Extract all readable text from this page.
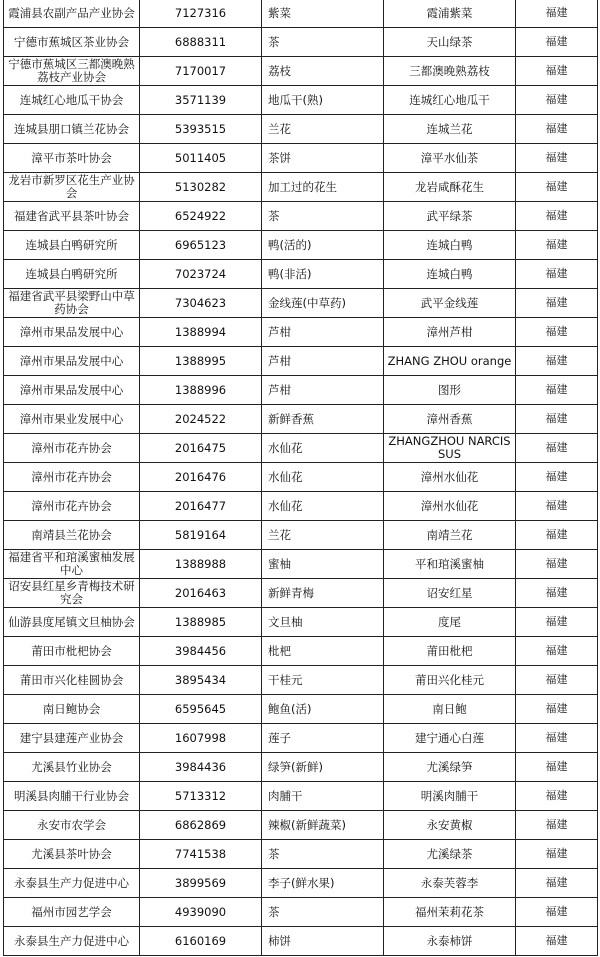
霞浦县农副产品产业协会	7127316	紫菜	霞浦紫菜	福建
宁德市蕉城区茶业协会	6888311	茶	天山绿茶	福建
宁德市蕉城区三都澳晚熟荔枝产业协会	7170017	荔枝	三都澳晚熟荔枝	福建
连城红心地瓜干协会	3571139	地瓜干(熟)	连城红心地瓜干	福建
连城县朋口镇兰花协会	5393515	兰花	连城兰花	福建
漳平市茶叶协会	5011405	茶饼	漳平水仙茶	福建
龙岩市新罗区花生产业协会	5130282	加工过的花生	龙岩咸酥花生	福建
福建省武平县茶叶协会	6524922	茶	武平绿茶	福建
连城县白鸭研究所	6965123	鸭(活的)	连城白鸭	福建
连城县白鸭研究所	7023724	鸭(非活)	连城白鸭	福建
福建省武平县梁野山中草药协会	7304623	金线莲(中草药)	武平金线莲	福建
漳州市果品发展中心	1388994	芦柑	漳州芦柑	福建
漳州市果品发展中心	1388995	芦柑	ZHANG ZHOU orange	福建
漳州市果品发展中心	1388996	芦柑	图形	福建
漳州市果业发展中心	2024522	新鲜香蕉	漳州香蕉	福建
漳州市花卉协会	2016475	水仙花	ZHANGZHOU NARCISSUS	福建
漳州市花卉协会	2016476	水仙花	漳州水仙花	福建
漳州市花卉协会	2016477	水仙花	漳州水仙花	福建
南靖县兰花协会	5819164	兰花	南靖兰花	福建
福建省平和琯溪蜜柚发展中心	1388988	蜜柚	平和琯溪蜜柚	福建
诏安县红星乡青梅技术研究会	2016463	新鲜青梅	诏安红星	福建
仙游县度尾镇文旦柚协会	1388985	文旦柚	度尾	福建
莆田市枇杷协会	3984456	枇杷	莆田枇杷	福建
莆田市兴化桂圆协会	3895434	干桂元	莆田兴化桂元	福建
南日鲍协会	6595645	鲍鱼(活)	南日鲍	福建
建宁县建莲产业协会	1607998	莲子	建宁通心白莲	福建
尤溪县竹业协会	3984436	绿笋(新鲜)	尤溪绿笋	福建
明溪县肉脯干行业协会	5713312	肉脯干	明溪肉脯干	福建
永安市农学会	6862869	辣椒(新鲜蔬菜)	永安黄椒	福建
尤溪县茶叶协会	7741538	茶	尤溪绿茶	福建
永泰县生产力促进中心	3899569	李子(鲜水果)	永泰芙蓉李	福建
福州市园艺学会	4939090	茶	福州茉莉花茶	福建
永泰县生产力促进中心	6160169	柿饼	永泰柿饼	福建
